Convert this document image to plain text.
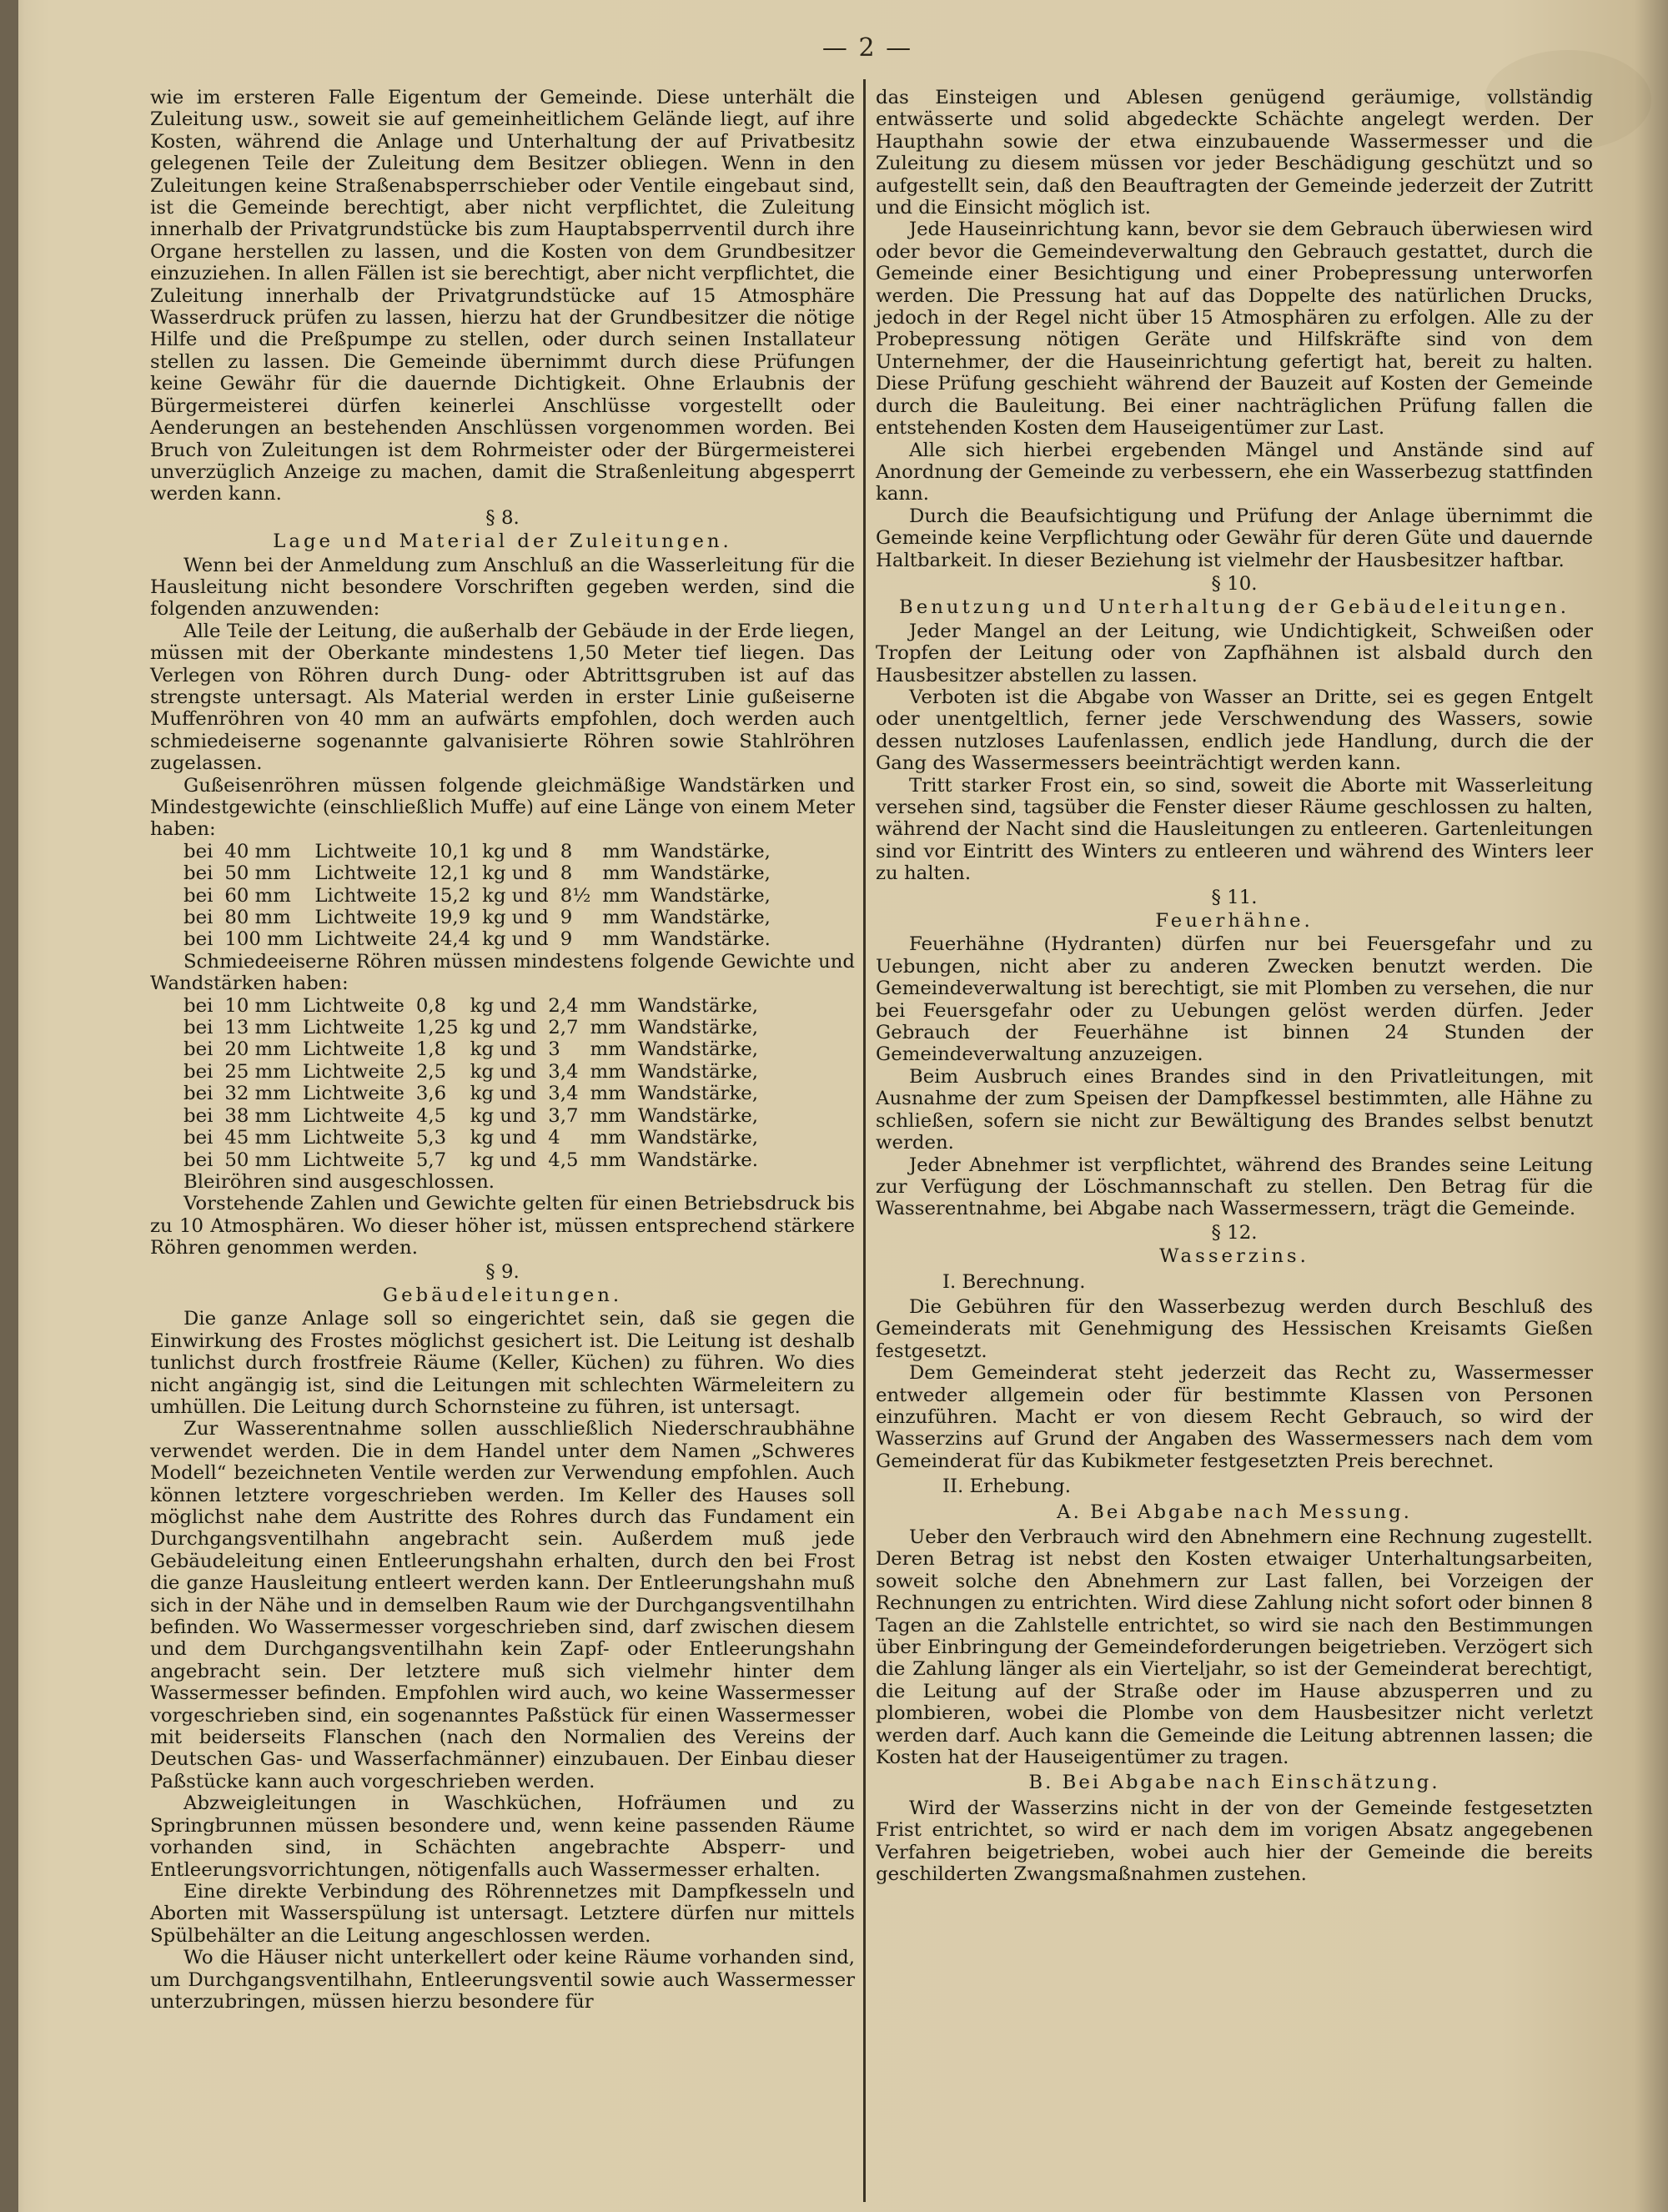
— 2 —

wie im ersteren Falle Eigentum der Gemeinde. Diese unterhält die Zuleitung usw., soweit sie auf gemeinheitlichem Gelände liegt, auf ihre Kosten, während die Anlage und Unterhaltung der auf Privatbesitz gelegenen Teile der Zuleitung dem Besitzer obliegen. Wenn in den Zuleitungen keine Straßenabsperrschieber oder Ventile eingebaut sind, ist die Gemeinde berechtigt, aber nicht verpflichtet, die Zuleitung innerhalb der Privatgrundstücke bis zum Hauptabsperrventil durch ihre Organe herstellen zu lassen, und die Kosten von dem Grundbesitzer einzuziehen. In allen Fällen ist sie berechtigt, aber nicht verpflichtet, die Zuleitung innerhalb der Privatgrundstücke auf 15 Atmosphäre Wasserdruck prüfen zu lassen, hierzu hat der Grundbesitzer die nötige Hilfe und die Preßpumpe zu stellen, oder durch seinen Installateur stellen zu lassen. Die Gemeinde übernimmt durch diese Prüfungen keine Gewähr für die dauernde Dichtigkeit. Ohne Erlaubnis der Bürgermeisterei dürfen keinerlei Anschlüsse vorgestellt oder Aenderungen an bestehenden Anschlüssen vorgenommen worden. Bei Bruch von Zuleitungen ist dem Rohrmeister oder der Bürgermeisterei unverzüglich Anzeige zu machen, damit die Straßenleitung abgesperrt werden kann.

§ 8.
Lage und Material der Zuleitungen.

Wenn bei der Anmeldung zum Anschluß an die Wasserleitung für die Hausleitung nicht besondere Vorschriften gegeben werden, sind die folgenden anzuwenden:

Alle Teile der Leitung, die außerhalb der Gebäude in der Erde liegen, müssen mit der Oberkante mindestens 1,50 Meter tief liegen. Das Verlegen von Röhren durch Dung- oder Abtrittsgruben ist auf das strengste untersagt. Als Material werden in erster Linie gußeiserne Muffenröhren von 40 mm an aufwärts empfohlen, doch werden auch schmiedeiserne sogenannte galvanisierte Röhren sowie Stahlröhren zugelassen.

Gußeisenröhren müssen folgende gleichmäßige Wandstärken und Mindestgewichte (einschließlich Muffe) auf eine Länge von einem Meter haben:

bei	40 mm	Lichtweite	10,1	kg und	8	mm	Wandstärke,
bei	50 mm	Lichtweite	12,1	kg und	8	mm	Wandstärke,
bei	60 mm	Lichtweite	15,2	kg und	8½	mm	Wandstärke,
bei	80 mm	Lichtweite	19,9	kg und	9	mm	Wandstärke,
bei	100 mm	Lichtweite	24,4	kg und	9	mm	Wandstärke.

Schmiedeeiserne Röhren müssen mindestens folgende Gewichte und Wandstärken haben:

bei	10 mm	Lichtweite	0,8	kg und	2,4	mm	Wandstärke,
bei	13 mm	Lichtweite	1,25	kg und	2,7	mm	Wandstärke,
bei	20 mm	Lichtweite	1,8	kg und	3	mm	Wandstärke,
bei	25 mm	Lichtweite	2,5	kg und	3,4	mm	Wandstärke,
bei	32 mm	Lichtweite	3,6	kg und	3,4	mm	Wandstärke,
bei	38 mm	Lichtweite	4,5	kg und	3,7	mm	Wandstärke,
bei	45 mm	Lichtweite	5,3	kg und	4	mm	Wandstärke,
bei	50 mm	Lichtweite	5,7	kg und	4,5	mm	Wandstärke.

Bleiröhren sind ausgeschlossen.

Vorstehende Zahlen und Gewichte gelten für einen Betriebsdruck bis zu 10 Atmosphären. Wo dieser höher ist, müssen entsprechend stärkere Röhren genommen werden.

§ 9.
Gebäudeleitungen.

Die ganze Anlage soll so eingerichtet sein, daß sie gegen die Einwirkung des Frostes möglichst gesichert ist. Die Leitung ist deshalb tunlichst durch frostfreie Räume (Keller, Küchen) zu führen. Wo dies nicht angängig ist, sind die Leitungen mit schlechten Wärmeleitern zu umhüllen. Die Leitung durch Schornsteine zu führen, ist untersagt.

Zur Wasserentnahme sollen ausschließlich Niederschraubhähne verwendet werden. Die in dem Handel unter dem Namen „Schweres Modell“ bezeichneten Ventile werden zur Verwendung empfohlen. Auch können letztere vorgeschrieben werden. Im Keller des Hauses soll möglichst nahe dem Austritte des Rohres durch das Fundament ein Durchgangsventilhahn angebracht sein. Außerdem muß jede Gebäudeleitung einen Entleerungshahn erhalten, durch den bei Frost die ganze Hausleitung entleert werden kann. Der Entleerungshahn muß sich in der Nähe und in demselben Raum wie der Durchgangsventilhahn befinden. Wo Wassermesser vorgeschrieben sind, darf zwischen diesem und dem Durchgangsventilhahn kein Zapf- oder Entleerungshahn angebracht sein. Der letztere muß sich vielmehr hinter dem Wassermesser befinden. Empfohlen wird auch, wo keine Wassermesser vorgeschrieben sind, ein sogenanntes Paßstück für einen Wassermesser mit beiderseits Flanschen (nach den Normalien des Vereins der Deutschen Gas- und Wasserfachmänner) einzubauen. Der Einbau dieser Paßstücke kann auch vorgeschrieben werden.

Abzweigleitungen in Waschküchen, Hofräumen und zu Springbrunnen müssen besondere und, wenn keine passenden Räume vorhanden sind, in Schächten angebrachte Absperr- und Entleerungsvorrichtungen, nötigenfalls auch Wassermesser erhalten.

Eine direkte Verbindung des Röhrennetzes mit Dampfkesseln und Aborten mit Wasserspülung ist untersagt. Letztere dürfen nur mittels Spülbehälter an die Leitung angeschlossen werden.

Wo die Häuser nicht unterkellert oder keine Räume vorhanden sind, um Durchgangsventilhahn, Entleerungsventil sowie auch Wassermesser unterzubringen, müssen hierzu besondere für

das Einsteigen und Ablesen genügend geräumige, vollständig entwässerte und solid abgedeckte Schächte angelegt werden. Der Haupthahn sowie der etwa einzubauende Wassermesser und die Zuleitung zu diesem müssen vor jeder Beschädigung geschützt und so aufgestellt sein, daß den Beauftragten der Gemeinde jederzeit der Zutritt und die Einsicht möglich ist.

Jede Hauseinrichtung kann, bevor sie dem Gebrauch überwiesen wird oder bevor die Gemeindeverwaltung den Gebrauch gestattet, durch die Gemeinde einer Besichtigung und einer Probepressung unterworfen werden. Die Pressung hat auf das Doppelte des natürlichen Drucks, jedoch in der Regel nicht über 15 Atmosphären zu erfolgen. Alle zu der Probepressung nötigen Geräte und Hilfskräfte sind von dem Unternehmer, der die Hauseinrichtung gefertigt hat, bereit zu halten. Diese Prüfung geschieht während der Bauzeit auf Kosten der Gemeinde durch die Bauleitung. Bei einer nachträglichen Prüfung fallen die entstehenden Kosten dem Hauseigentümer zur Last.

Alle sich hierbei ergebenden Mängel und Anstände sind auf Anordnung der Gemeinde zu verbessern, ehe ein Wasserbezug stattfinden kann.

Durch die Beaufsichtigung und Prüfung der Anlage übernimmt die Gemeinde keine Verpflichtung oder Gewähr für deren Güte und dauernde Haltbarkeit. In dieser Beziehung ist vielmehr der Hausbesitzer haftbar.

§ 10.
Benutzung und Unterhaltung der Gebäudeleitungen.

Jeder Mangel an der Leitung, wie Undichtigkeit, Schweißen oder Tropfen der Leitung oder von Zapfhähnen ist alsbald durch den Hausbesitzer abstellen zu lassen.

Verboten ist die Abgabe von Wasser an Dritte, sei es gegen Entgelt oder unentgeltlich, ferner jede Verschwendung des Wassers, sowie dessen nutzloses Laufenlassen, endlich jede Handlung, durch die der Gang des Wassermessers beeinträchtigt werden kann.

Tritt starker Frost ein, so sind, soweit die Aborte mit Wasserleitung versehen sind, tagsüber die Fenster dieser Räume geschlossen zu halten, während der Nacht sind die Hausleitungen zu entleeren. Gartenleitungen sind vor Eintritt des Winters zu entleeren und während des Winters leer zu halten.

§ 11.
Feuerhähne.

Feuerhähne (Hydranten) dürfen nur bei Feuersgefahr und zu Uebungen, nicht aber zu anderen Zwecken benutzt werden. Die Gemeindeverwaltung ist berechtigt, sie mit Plomben zu versehen, die nur bei Feuersgefahr oder zu Uebungen gelöst werden dürfen. Jeder Gebrauch der Feuerhähne ist binnen 24 Stunden der Gemeindeverwaltung anzuzeigen.

Beim Ausbruch eines Brandes sind in den Privatleitungen, mit Ausnahme der zum Speisen der Dampfkessel bestimmten, alle Hähne zu schließen, sofern sie nicht zur Bewältigung des Brandes selbst benutzt werden.

Jeder Abnehmer ist verpflichtet, während des Brandes seine Leitung zur Verfügung der Löschmannschaft zu stellen. Den Betrag für die Wasserentnahme, bei Abgabe nach Wassermessern, trägt die Gemeinde.

§ 12.
Wasserzins.
I. Berechnung.

Die Gebühren für den Wasserbezug werden durch Beschluß des Gemeinderats mit Genehmigung des Hessischen Kreisamts Gießen festgesetzt.

Dem Gemeinderat steht jederzeit das Recht zu, Wassermesser entweder allgemein oder für bestimmte Klassen von Personen einzuführen. Macht er von diesem Recht Gebrauch, so wird der Wasserzins auf Grund der Angaben des Wassermessers nach dem vom Gemeinderat für das Kubikmeter festgesetzten Preis berechnet.

II. Erhebung.
A. Bei Abgabe nach Messung.

Ueber den Verbrauch wird den Abnehmern eine Rechnung zugestellt. Deren Betrag ist nebst den Kosten etwaiger Unterhaltungsarbeiten, soweit solche den Abnehmern zur Last fallen, bei Vorzeigen der Rechnungen zu entrichten. Wird diese Zahlung nicht sofort oder binnen 8 Tagen an die Zahlstelle entrichtet, so wird sie nach den Bestimmungen über Einbringung der Gemeindeforderungen beigetrieben. Verzögert sich die Zahlung länger als ein Vierteljahr, so ist der Gemeinderat berechtigt, die Leitung auf der Straße oder im Hause abzusperren und zu plombieren, wobei die Plombe von dem Hausbesitzer nicht verletzt werden darf. Auch kann die Gemeinde die Leitung abtrennen lassen; die Kosten hat der Hauseigentümer zu tragen.

B. Bei Abgabe nach Einschätzung.

Wird der Wasserzins nicht in der von der Gemeinde festgesetzten Frist entrichtet, so wird er nach dem im vorigen Absatz angegebenen Verfahren beigetrieben, wobei auch hier der Gemeinde die bereits geschilderten Zwangsmaßnahmen zustehen.
